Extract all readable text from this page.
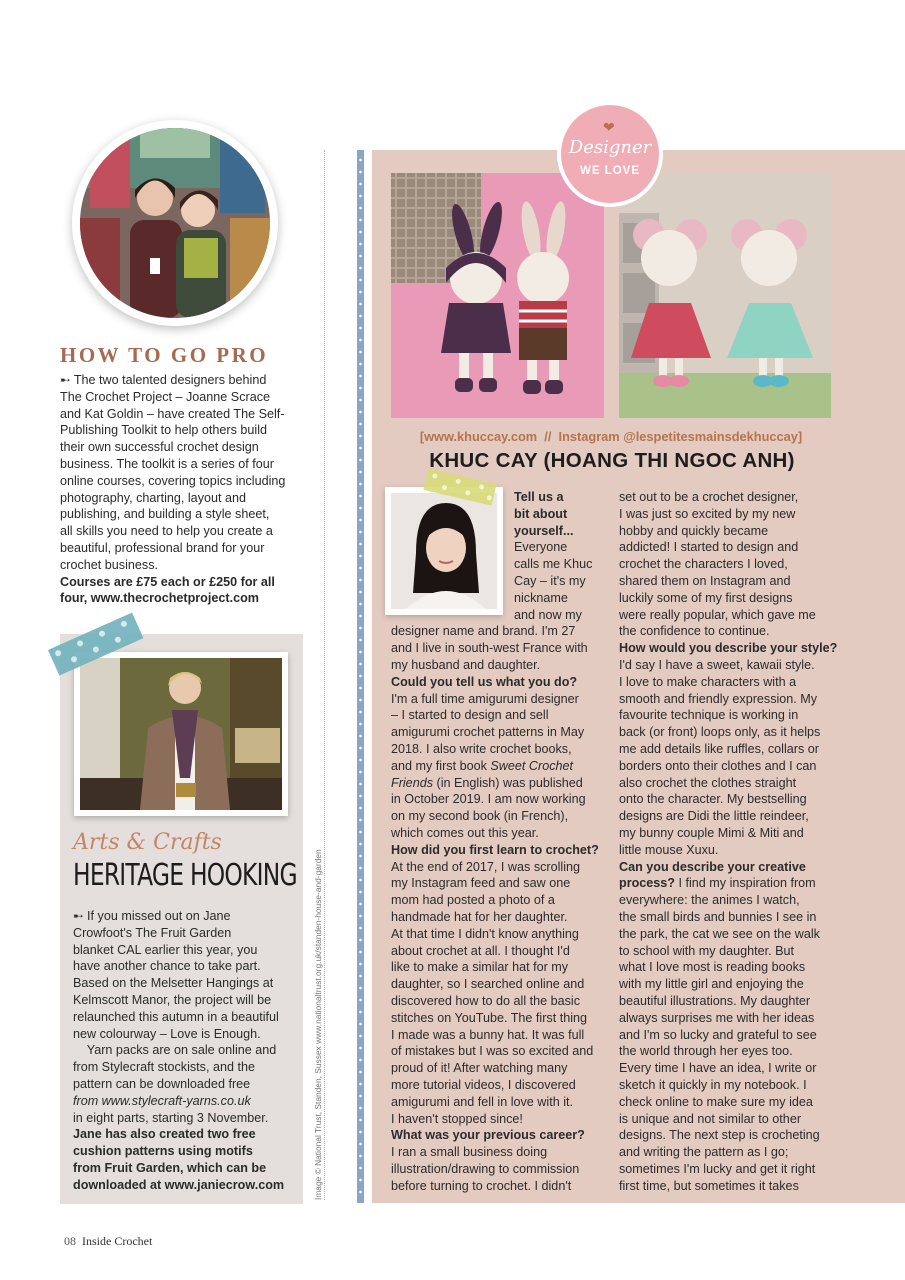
HOW TO GO PRO
➸ The two talented designers behind
The Crochet Project – Joanne Scrace
and Kat Goldin – have created The Self-
Publishing Toolkit to help others build
their own successful crochet design
business. The toolkit is a series of four
online courses, covering topics including
photography, charting, layout and
publishing, and building a style sheet,
all skills you need to help you create a
beautiful, professional brand for your
crochet business.
Courses are £75 each or £250 for all
four, www.thecrochetproject.com
Arts & Crafts
HERITAGE HOOKING
➸ If you missed out on Jane
Crowfoot's The Fruit Garden
blanket CAL earlier this year, you
have another chance to take part.
Based on the Melsetter Hangings at
Kelmscott Manor, the project will be
relaunched this autumn in a beautiful
new colourway – Love is Enough.
Yarn packs are on sale online and
from Stylecraft stockists, and the
pattern can be downloaded free
from www.stylecraft-yarns.co.uk
in eight parts, starting 3 November.
Jane has also created two free
cushion patterns using motifs
from Fruit Garden, which can be
downloaded at www.janiecrow.com	Image © National Trust, Standen, Sussex www.nationaltrust.org.uk/standen-house-and-garden
08 Inside Crochet
❤
Designer
WE LOVE
[www.khuccay.com  //  Instagram @lespetitesmainsdekhuccay]
KHUC CAY (HOANG THI NGOC ANH)
Tell us a
bit about
yourself...
Everyone
calls me Khuc
Cay – it's my
nickname
and now my
designer name and brand. I'm 27
and I live in south-west France with
my husband and daughter.
Could you tell us what you do?
I'm a full time amigurumi designer
– I started to design and sell
amigurumi crochet patterns in May
2018. I also write crochet books,
and my first book Sweet Crochet
Friends (in English) was published
in October 2019. I am now working
on my second book (in French),
which comes out this year.
How did you first learn to crochet?
At the end of 2017, I was scrolling
my Instagram feed and saw one
mom had posted a photo of a
handmade hat for her daughter.
At that time I didn't know anything
about crochet at all. I thought I'd
like to make a similar hat for my
daughter, so I searched online and
discovered how to do all the basic
stitches on YouTube. The first thing
I made was a bunny hat. It was full
of mistakes but I was so excited and
proud of it! After watching many
more tutorial videos, I discovered
amigurumi and fell in love with it.
I haven't stopped since!
What was your previous career?
I ran a small business doing
illustration/drawing to commission
before turning to crochet. I didn't
set out to be a crochet designer,
I was just so excited by my new
hobby and quickly became
addicted! I started to design and
crochet the characters I loved,
shared them on Instagram and
luckily some of my first designs
were really popular, which gave me
the confidence to continue.
How would you describe your style?
I'd say I have a sweet, kawaii style.
I love to make characters with a
smooth and friendly expression. My
favourite technique is working in
back (or front) loops only, as it helps
me add details like ruffles, collars or
borders onto their clothes and I can
also crochet the clothes straight
onto the character. My bestselling
designs are Didi the little reindeer,
my bunny couple Mimi & Miti and
little mouse Xuxu.
Can you describe your creative
process? I find my inspiration from
everywhere: the animes I watch,
the small birds and bunnies I see in
the park, the cat we see on the walk
to school with my daughter. But
what I love most is reading books
with my little girl and enjoying the
beautiful illustrations. My daughter
always surprises me with her ideas
and I'm so lucky and grateful to see
the world through her eyes too.
Every time I have an idea, I write or
sketch it quickly in my notebook. I
check online to make sure my idea
is unique and not similar to other
designs. The next step is crocheting
and writing the pattern as I go;
sometimes I'm lucky and get it right
first time, but sometimes it takes
